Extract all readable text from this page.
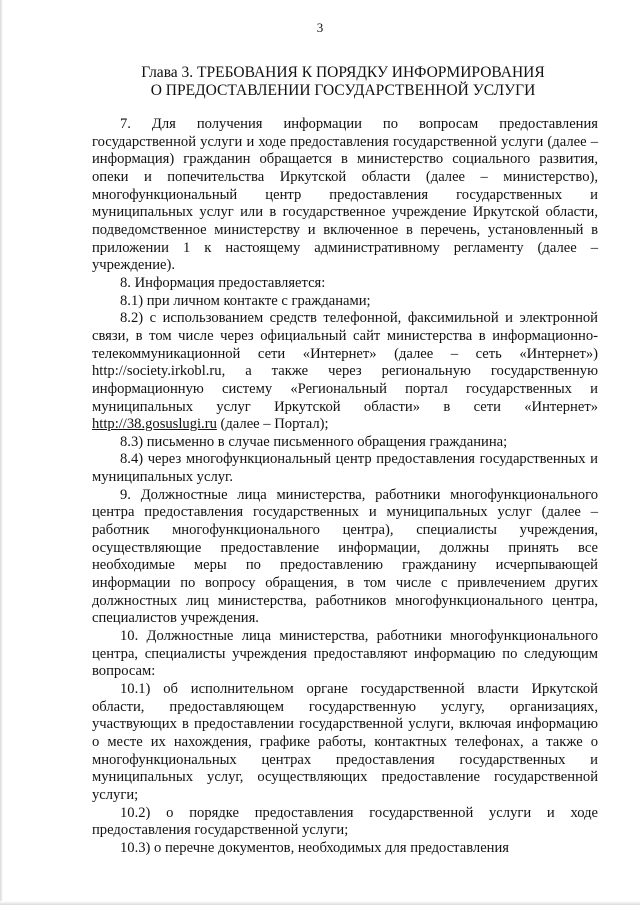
3
Глава 3. ТРЕБОВАНИЯ К ПОРЯДКУ ИНФОРМИРОВАНИЯ
О ПРЕДОСТАВЛЕНИИ ГОСУДАРСТВЕННОЙ УСЛУГИ

7. Для получения информации по вопросам предоставления государственной услуги и ходе предоставления государственной услуги (далее – информация) гражданин обращается в министерство социального развития, опеки и попечительства Иркутской области (далее – министерство), многофункциональный центр предоставления государственных и муниципальных услуг или в государственное учреждение Иркутской области, подведомственное министерству и включенное в перечень, установленный в приложении 1 к настоящему административному регламенту (далее – учреждение).

8. Информация предоставляется:

8.1) при личном контакте с гражданами;

8.2) с использованием средств телефонной, факсимильной и электронной связи, в том числе через официальный сайт министерства в информационно-телекоммуникационной сети «Интернет» (далее – сеть «Интернет») http://society.irkobl.ru, а также через региональную государственную информационную систему «Региональный портал государственных и муниципальных услуг Иркутской области» в сети «Интернет» http://38.gosuslugi.ru (далее – Портал);

8.3) письменно в случае письменного обращения гражданина;

8.4) через многофункциональный центр предоставления государственных и муниципальных услуг.

9. Должностные лица министерства, работники многофункционального центра предоставления государственных и муниципальных услуг (далее – работник многофункционального центра), специалисты учреждения, осуществляющие предоставление информации, должны принять все необходимые меры по предоставлению гражданину исчерпывающей информации по вопросу обращения, в том числе с привлечением других должностных лиц министерства, работников многофункционального центра, специалистов учреждения.

10. Должностные лица министерства, работники многофункционального центра, специалисты учреждения предоставляют информацию по следующим вопросам:

10.1) об исполнительном органе государственной власти Иркутской области, предоставляющем государственную услугу, организациях, участвующих в предоставлении государственной услуги, включая информацию о месте их нахождения, графике работы, контактных телефонах, а также о многофункциональных центрах предоставления государственных и муниципальных услуг, осуществляющих предоставление государственной услуги;

10.2) о порядке предоставления государственной услуги и ходе предоставления государственной услуги;

10.3) о перечне документов, необходимых для предоставления
